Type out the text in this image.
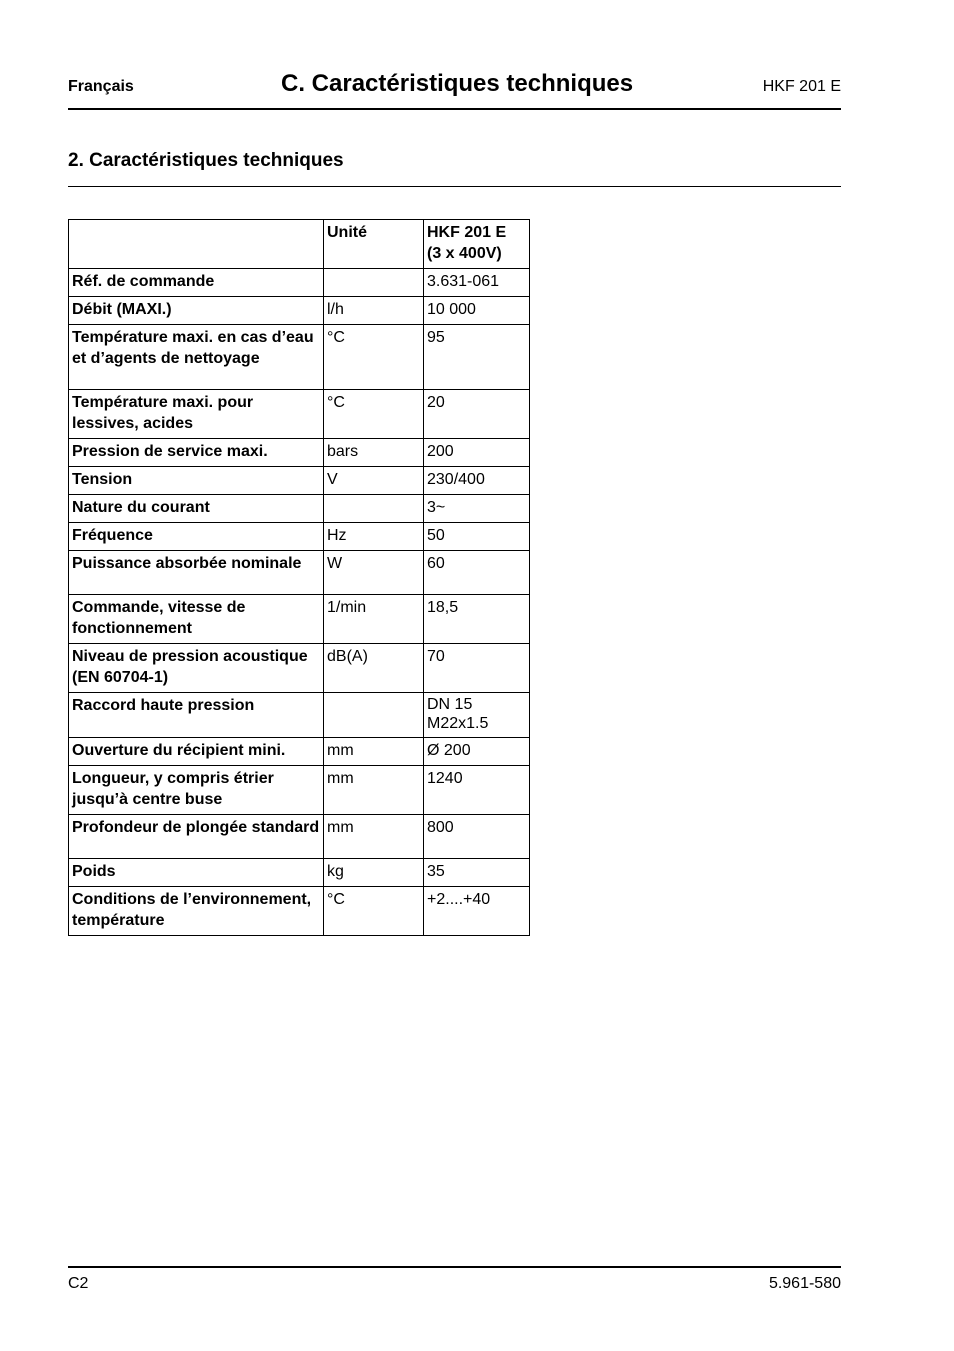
Français	C. Caractéristiques techniques	HKF 201 E
2. Caractéristiques techniques
	Unité	HKF 201 E
(3 x 400V)

Réf. de commande		3.631-061
Débit (MAXI.)	l/h	10 000
Température maxi. en cas d’eau et d’agents de nettoyage	°C	95
Température maxi. pour lessives, acides	°C	20
Pression de service maxi.	bars	200
Tension	V	230/400
Nature du courant		3~
Fréquence	Hz	50
Puissance absorbée nominale	W	60
Commande, vitesse de fonctionnement	1/min	18,5
Niveau de pression acoustique (EN 60704-1)	dB(A)	70
Raccord haute pression		DN 15
M22x1.5

Ouverture du récipient mini.	mm	Ø 200
Longueur, y compris étrier jusqu’à centre buse	mm	1240
Profondeur de plongée standard	mm	800
Poids	kg	35
Conditions de l’environnement, température	°C	+2....+40
C2	5.961-580
